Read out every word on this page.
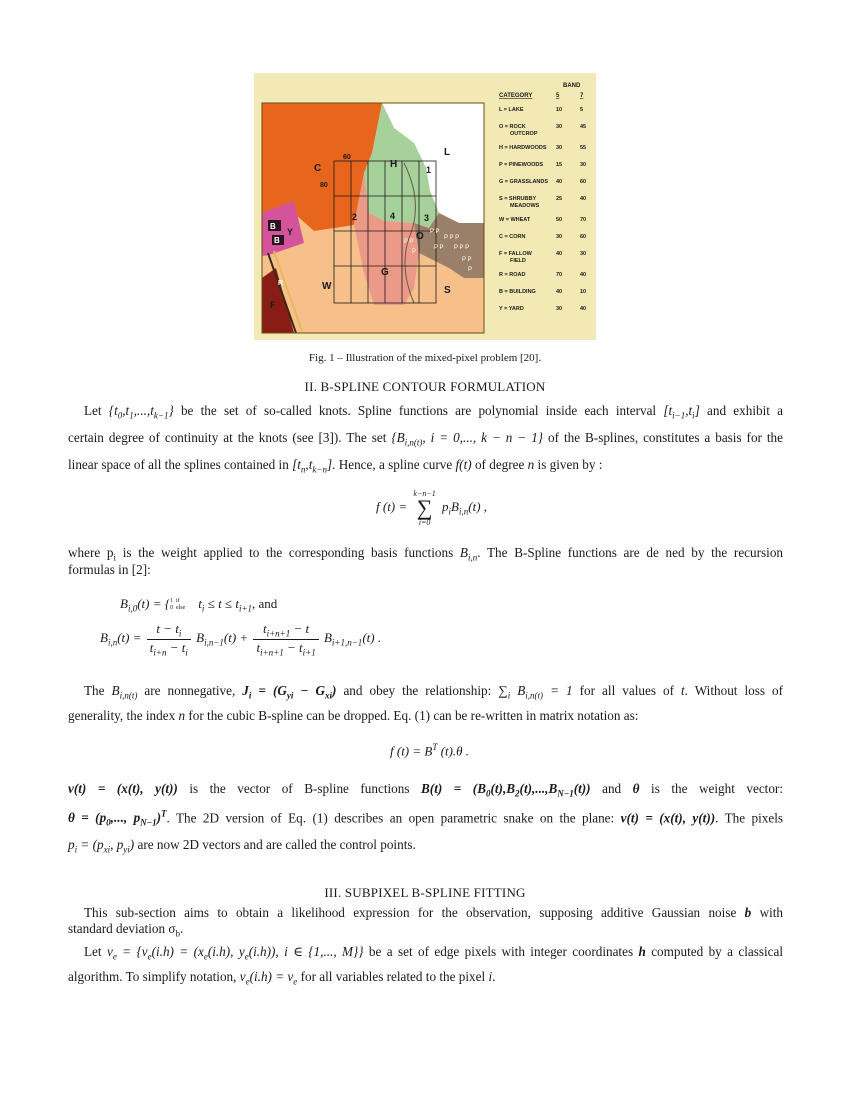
C
60
80
H
L
1
2	4	3
O
B
B
Y
G
W	S
F
R
P P
P P P
P P P
P P
P P
P
P P
P
BAND
CATEGORY	5	7
L = LAKE	10	5
O = ROCK	30	45
OUTCROP
H = HARDWOODS 30	55
P = PINEWOODS 15	30
G = GRASSLANDS 40	60
S = SHRUBBY	25	40
MEADOWS
W = WHEAT	50	70
C = CORN	30	60
F = FALLOW	40	30
FIELD
R = ROAD	70	40
B = BUILDING	40	10
Y = YARD	30	40
Fig. 1 – Illustration of the mixed-pixel problem [20].
II. B-SPLINE CONTOUR FORMULATION
Let $\{t_0,t_1,...,t_{k-1}\}$ be the set of so-called knots. Spline functions are polynomial inside each interval $[t_{i-1},t_i]$ and exhibit a
certain degree of continuity at the knots (see [3]). The set {$B_{i,n(t)}$, i = 0,..., k − n − 1} of the B-splines, constitutes a basis for the
linear space of all the splines contained in $[t_n,t_{k-n}]$. Hence, a spline curve f(t) of degree n is given by :
f (t) =
k−n−1
∑
i=0
$p_iB_{i,n}(t)$ ,
where $p_i$ is the weight applied to the corresponding basis functions $B_{i,n}$. The B-Spline functions are de ned by the recursion
formulas in [2]:
$B_{i,0}(t) = \{1$  if
0  else    $t_i \le t \le t_{i+1}$, and
$B_{i,n}(t) = \frac{t - t_i}{t_{i+n} - t_i} B_{i,n-1}(t) + \frac{t_{i+n+1} - t}{t_{i+n+1} - t_{i+1}} B_{i+1,n-1}(t)$ .
The $B_{i,n(t)}$ are nonnegative, $J_i = (G_{yi} - G_{xi})$ and obey the relationship: $\sum_i$ $B_{i,n(t)} = 1$ for all values of t. Without loss of
generality, the index n for the cubic B-spline can be dropped. Eq. (1) can be re-written in matrix notation as:
f $(t) = B^T$ (t).θ .
v(t) = (x(t), y(t)) is the vector of B-spline functions $B(t) = (B_0(t),B_2(t),...,B_{N-1}(t))$ and θ is the weight vector:
$\theta = (p_0$,..., $p_{N-1})^T$. The 2D version of Eq. (1) describes an open parametric snake on the plane: v(t) = (x(t), y(t)). The pixels
$p_i = (p_{xi}$, $p_{yi}$) are now 2D vectors and are called the control points.
III. SUBPIXEL B-SPLINE FITTING
This sub-section aims to obtain a likelihood expression for the observation, supposing additive Gaussian noise b with
standard deviation $\sigma_b$.
Let $v_e = \{v_e(i.h) = (x_e(i.h)$, $y_e(i.h)$), i ∈ {1,..., M}} be a set of edge pixels with integer coordinates h computed by a classical
algorithm. To simplify notation, $v_e(i.h) = v_e$ for all variables related to the pixel i.
